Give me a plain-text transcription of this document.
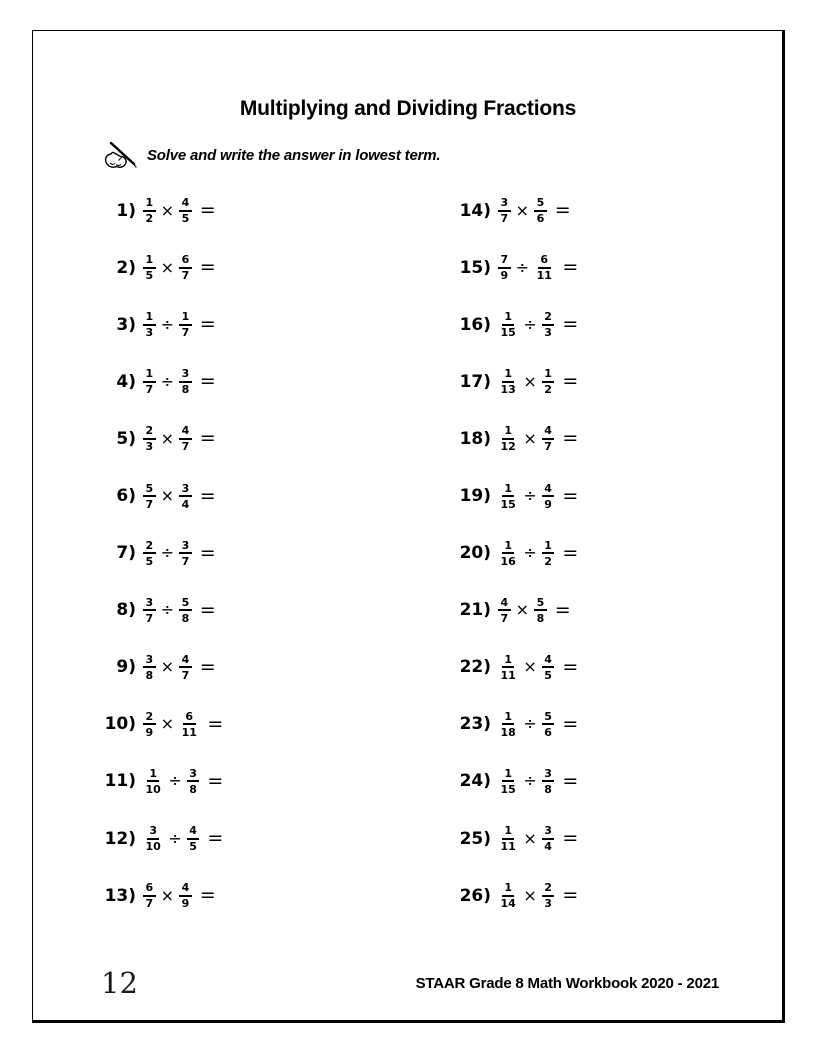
Multiplying and Dividing Fractions
Solve and write the answer in lowest term.
$1) \frac{1}{2} \times \frac{4}{5}$ =
$2) \frac{1}{5} \times \frac{6}{7}$ =
$3) \frac{1}{3} \div \frac{1}{7}$ =
$4) \frac{1}{7} \div \frac{3}{8}$ =
$5) \frac{2}{3} \times \frac{4}{7}$ =
$6) \frac{5}{7} \times \frac{3}{4}$ =
$7) \frac{2}{5} \div \frac{3}{7}$ =
$8) \frac{3}{7} \div \frac{5}{8}$ =
$9) \frac{3}{8} \times \frac{4}{7}$ =
$10) \frac{2}{9} \times \frac{6}{11}$ =
$11) \frac{1}{10} \div \frac{3}{8}$ =
$12) \frac{3}{10} \div \frac{4}{5}$ =
$13) \frac{6}{7} \times \frac{4}{9}$ =
$14) \frac{3}{7} \times \frac{5}{6}$ =
$15) \frac{7}{9} \div \frac{6}{11}$ =
$16) \frac{1}{15} \div \frac{2}{3}$ =
$17) \frac{1}{13} \times \frac{1}{2}$ =
$18) \frac{1}{12} \times \frac{4}{7}$ =
$19) \frac{1}{15} \div \frac{4}{9}$ =
$20) \frac{1}{16} \div \frac{1}{2}$ =
$21) \frac{4}{7} \times \frac{5}{8}$ =
$22) \frac{1}{11} \times \frac{4}{5}$ =
$23) \frac{1}{18} \div \frac{5}{6}$ =
$24) \frac{1}{15} \div \frac{3}{8}$ =
$25) \frac{1}{11} \times \frac{3}{4}$ =
$26) \frac{1}{14} \times \frac{2}{3}$ =
12	STAAR Grade 8 Math Workbook 2020 - 2021
